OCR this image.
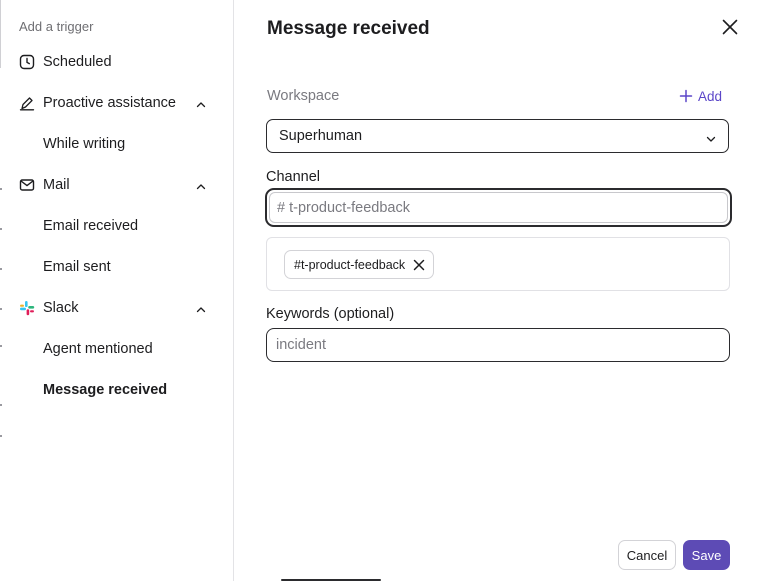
Add a trigger
Scheduled
Proactive assistance
While writing
Mail
Email received
Email sent
Slack
Agent mentioned
Message received
Message received
Workspace	Add
Superhuman
Channel
# t-product-feedback
#t-product-feedback
Keywords (optional)
incident
Cancel	Save
